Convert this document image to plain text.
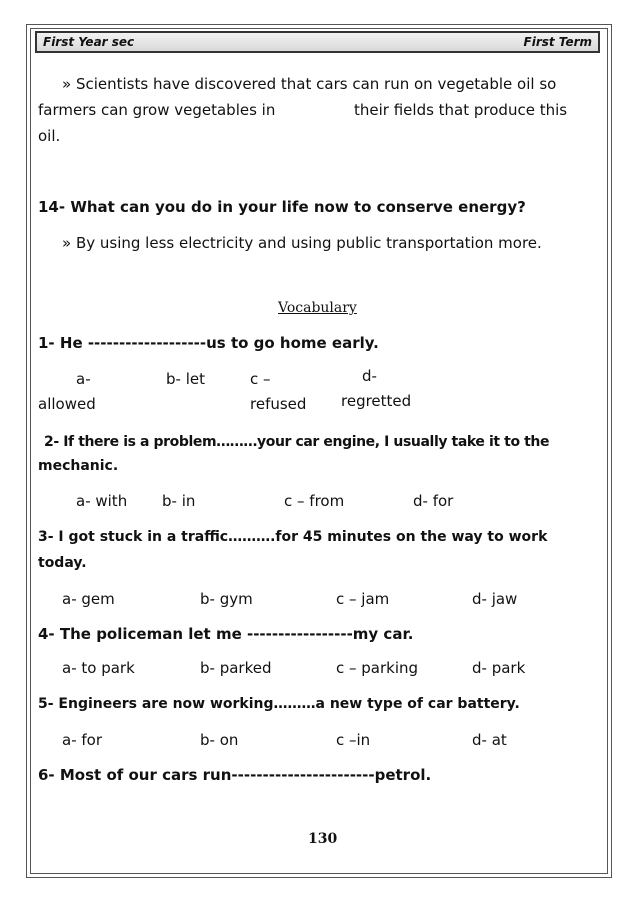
First Year sec	First Term
» Scientists have discovered that cars can run on vegetable oil so
farmers can grow vegetables in	their fields that produce this
oil.
14- What can you do in your life now to conserve energy?
» By using less electricity and using public transportation more.
Vocabulary
1- He -------------------us to go home early.
a-
allowed
b- let	c –
refused
d-
regretted
2- If there is a problem………your car engine, I usually take it to the
mechanic.
a- with b- in	c – from	d- for
3- I got stuck in a traffic……….for 45 minutes on the way to work
today.
a- gem	b- gym	c – jam	d- jaw
4- The policeman let me -----------------my car.
a- to park	b- parked	c – parking	d- park
5- Engineers are now working………a new type of car battery.
a- for	b- on	c –in	d- at
6- Most of our cars run-----------------------petrol.
130
